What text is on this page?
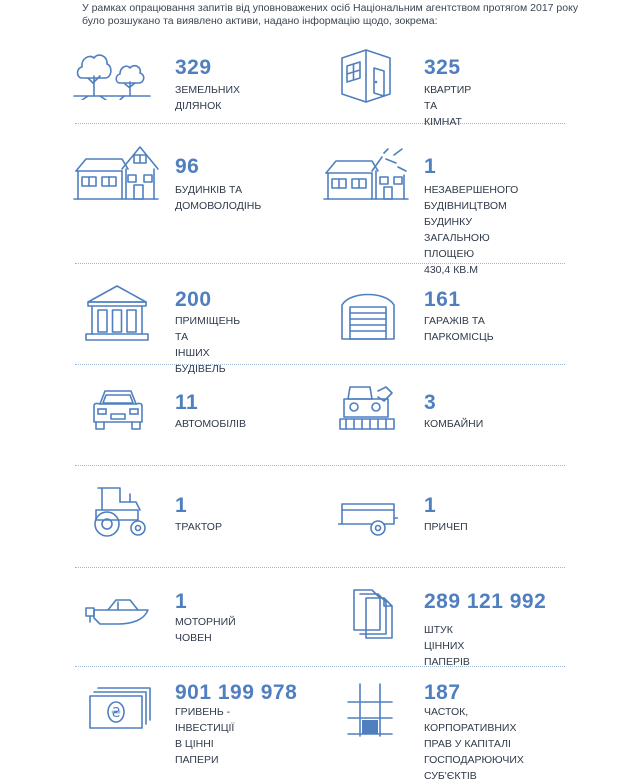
У рамках опрацювання запитів від уповноважених осіб Національним агентством протягом 2017 року було розшукано та виявлено активи, надано інформацію щодо, зокрема:
329
ЗЕМЕЛЬНИХ ДІЛЯНОК
325
КВАРТИР ТА КІМНАТ
96
БУДИНКІВ ТА
ДОМОВОЛОДІНЬ
1
НЕЗАВЕРШЕНОГО
БУДІВНИЦТВОМ БУДИНКУ
ЗАГАЛЬНОЮ ПЛОЩЕЮ
430,4 КВ.М
200
ПРИМІЩЕНЬ ТА
ІНШИХ БУДІВЕЛЬ
161
ГАРАЖІВ ТА
ПАРКОМІСЦЬ
11
АВТОМОБІЛІВ
3
КОМБАЙНИ
1
ТРАКТОР
1
ПРИЧЕП
1
МОТОРНИЙ ЧОВЕН
289 121 992
ШТУК ЦІННИХ ПАПЕРІВ
₴
901 199 978
ГРИВЕНЬ - ІНВЕСТИЦІЇ
В ЦІННІ ПАПЕРИ
187
ЧАСТОК, КОРПОРАТИВНИХ
ПРАВ У КАПІТАЛІ
ГОСПОДАРЮЮЧИХ СУБ'ЄКТІВ
